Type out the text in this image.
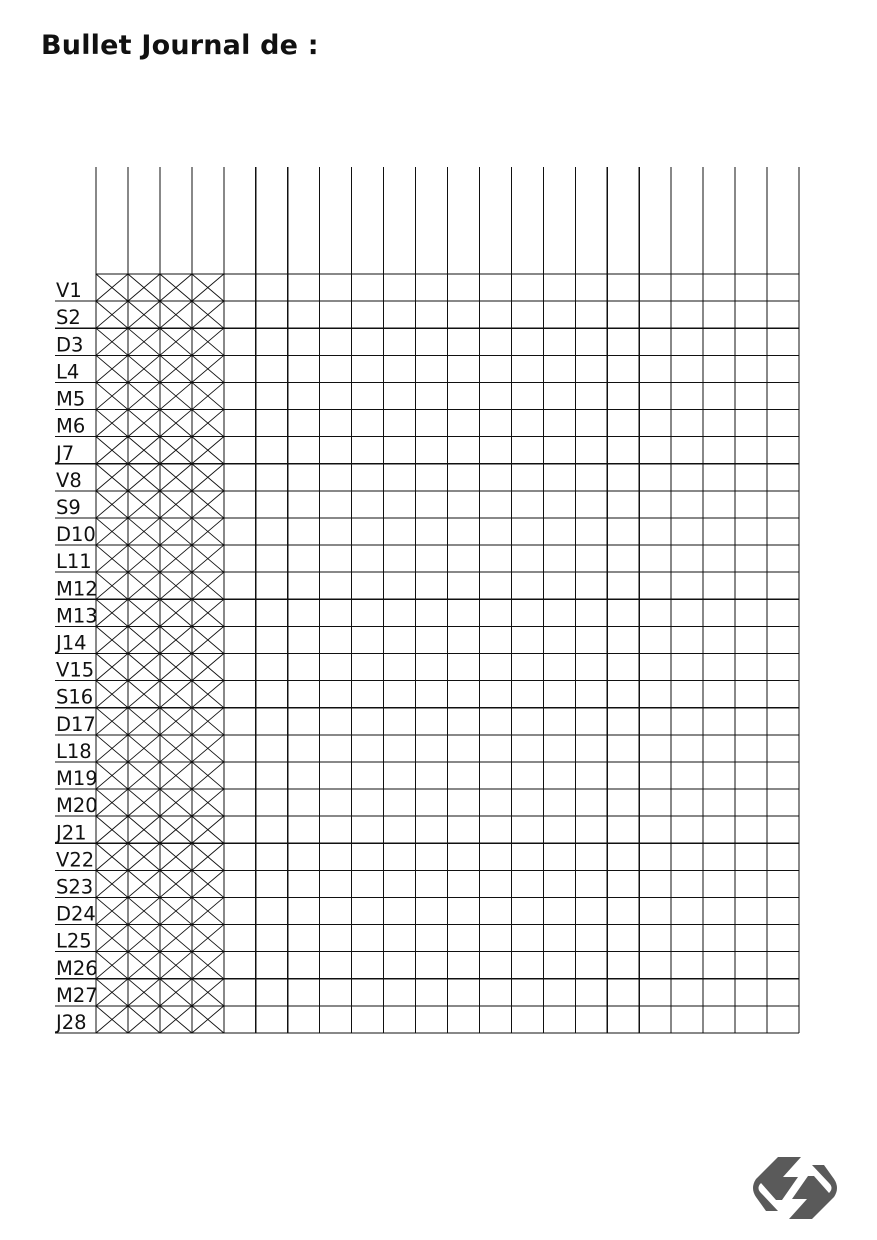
Bullet Journal de :
V1
S2
D3
L4
M5
M6
J7
V8
S9
D10
L11
M12
M13
J14
V15
S16
D17
L18
M19
M20
J21
V22
S23
D24
L25
M26
M27
J28
